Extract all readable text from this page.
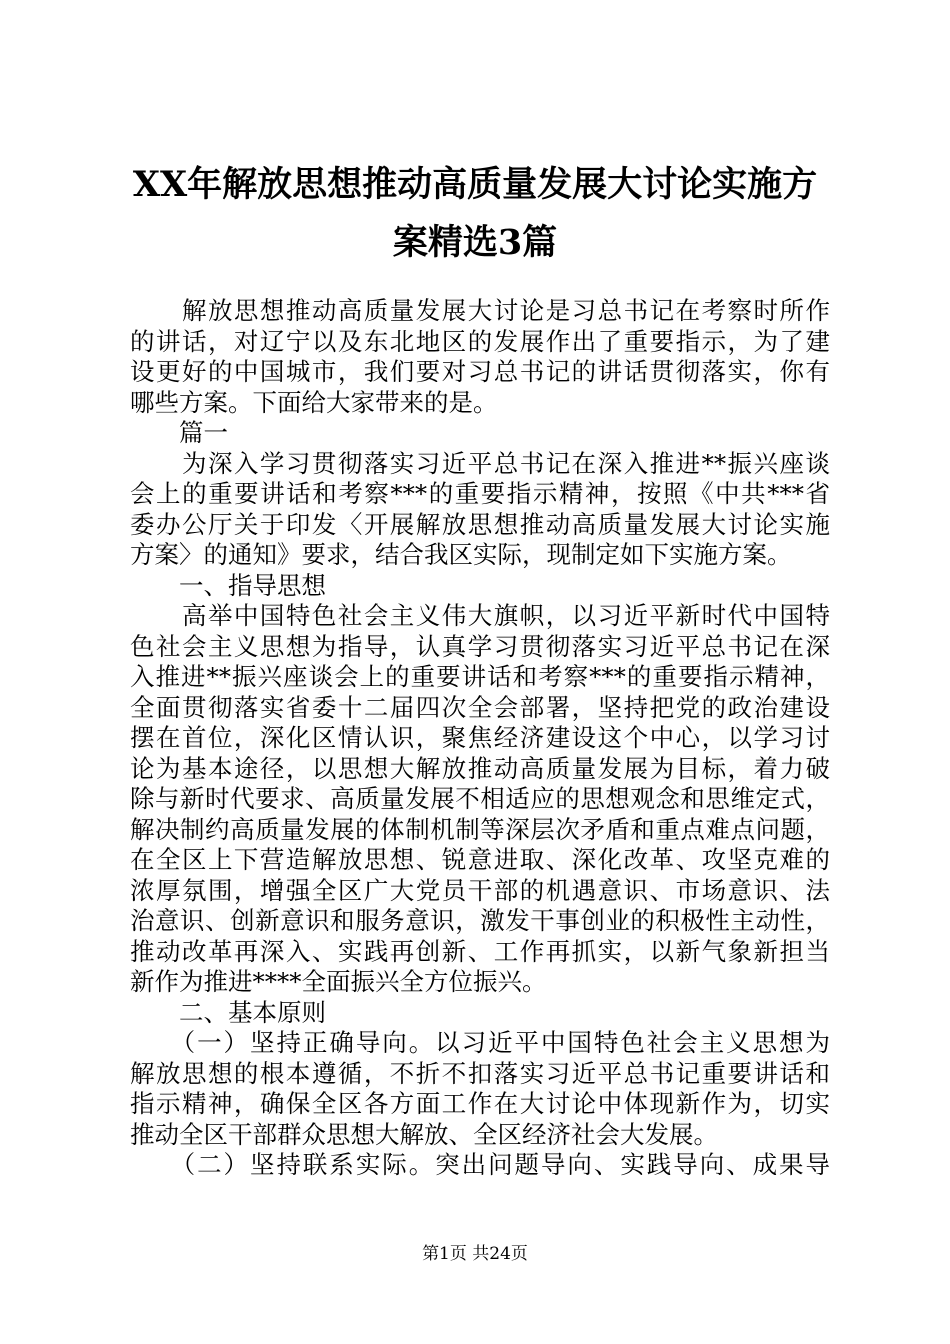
XX年解放思想推动高质量发展大讨论实施方
案精选3篇
　　解放思想推动高质量发展大讨论是习总书记在考察时所作
的讲话，对辽宁以及东北地区的发展作出了重要指示，为了建
设更好的中国城市，我们要对习总书记的讲话贯彻落实，你有
哪些方案。下面给大家带来的是。
　　篇一
　　为深入学习贯彻落实习近平总书记在深入推进**振兴座谈
会上的重要讲话和考察***的重要指示精神，按照《中共***省
委办公厅关于印发〈开展解放思想推动高质量发展大讨论实施
方案〉的通知》要求，结合我区实际，现制定如下实施方案。
　　一、指导思想
　　高举中国特色社会主义伟大旗帜，以习近平新时代中国特
色社会主义思想为指导，认真学习贯彻落实习近平总书记在深
入推进**振兴座谈会上的重要讲话和考察***的重要指示精神，
全面贯彻落实省委十二届四次全会部署，坚持把党的政治建设
摆在首位，深化区情认识，聚焦经济建设这个中心，以学习讨
论为基本途径，以思想大解放推动高质量发展为目标，着力破
除与新时代要求、高质量发展不相适应的思想观念和思维定式，
解决制约高质量发展的体制机制等深层次矛盾和重点难点问题，
在全区上下营造解放思想、锐意进取、深化改革、攻坚克难的
浓厚氛围，增强全区广大党员干部的机遇意识、市场意识、法
治意识、创新意识和服务意识，激发干事创业的积极性主动性，
推动改革再深入、实践再创新、工作再抓实，以新气象新担当
新作为推进****全面振兴全方位振兴。
　　二、基本原则
　　（一）坚持正确导向。以习近平中国特色社会主义思想为
解放思想的根本遵循，不折不扣落实习近平总书记重要讲话和
指示精神，确保全区各方面工作在大讨论中体现新作为，切实
推动全区干部群众思想大解放、全区经济社会大发展。
　　（二）坚持联系实际。突出问题导向、实践导向、成果导
第1页 共24页
